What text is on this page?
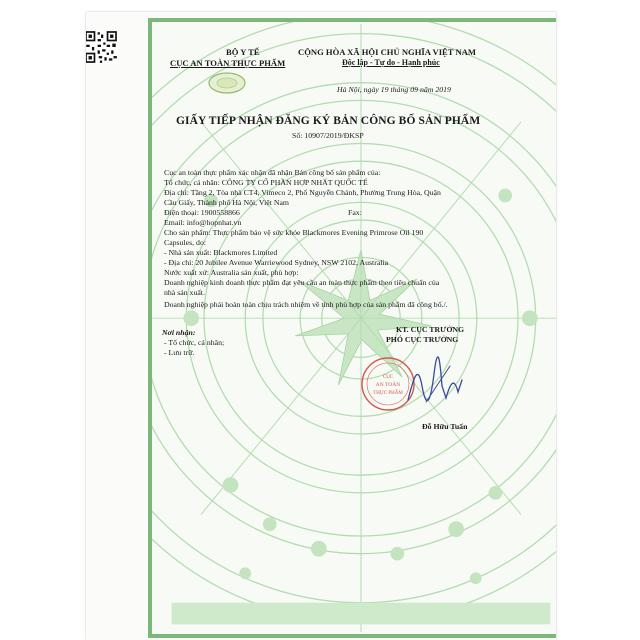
BỘ Y TẾ
CỤC AN TOÀN THỰC PHẨM
CỘNG HÒA XÃ HỘI CHỦ NGHĨA VIỆT NAM
Độc lập - Tự do - Hạnh phúc
Hà Nội, ngày 19 tháng 09 năm 2019
GIẤY TIẾP NHẬN ĐĂNG KÝ BẢN CÔNG BỐ SẢN PHẨM
Số: 10907/2019/ĐKSP
Cục an toàn thực phẩm xác nhận đã nhận Bản công bố sản phẩm của:
Tổ chức, cá nhân: CÔNG TY CỔ PHẦN HỢP NHẤT QUỐC TẾ
Địa chỉ: Tầng 2, Tòa nhà CT4, Vimeco 2, Phố Nguyễn Chánh, Phường Trung Hòa, Quận
Cầu Giấy, Thành phố Hà Nội, Việt Nam
Điện thoại: 1900558866	Fax:
Email: info@hopnhat.vn
Cho sản phẩm: Thực phẩm bảo vệ sức khỏe Blackmores Evening Primrose Oil 190
Capsules, do:
- Nhà sản xuất: Blackmores Limited
- Địa chỉ: 20 Jubilee Avenue Warriewood Sydney, NSW 2102, Australia
Nước xuất xứ: Australia sản xuất, phù hợp:
Doanh nghiệp kinh doanh thực phẩm đạt yêu cầu an toàn thực phẩm theo tiêu chuẩn của
nhà sản xuất.
Doanh nghiệp phải hoàn toàn chịu trách nhiệm về tính phù hợp của sản phẩm đã công bố./.
Nơi nhận:
- Tổ chức, cá nhân;
- Lưu trữ.
KT. CỤC TRƯỞNG
PHÓ CỤC TRƯỞNG
CỤC
AN TOÀN
THỰC PHẨM
Đỗ Hữu Tuấn
